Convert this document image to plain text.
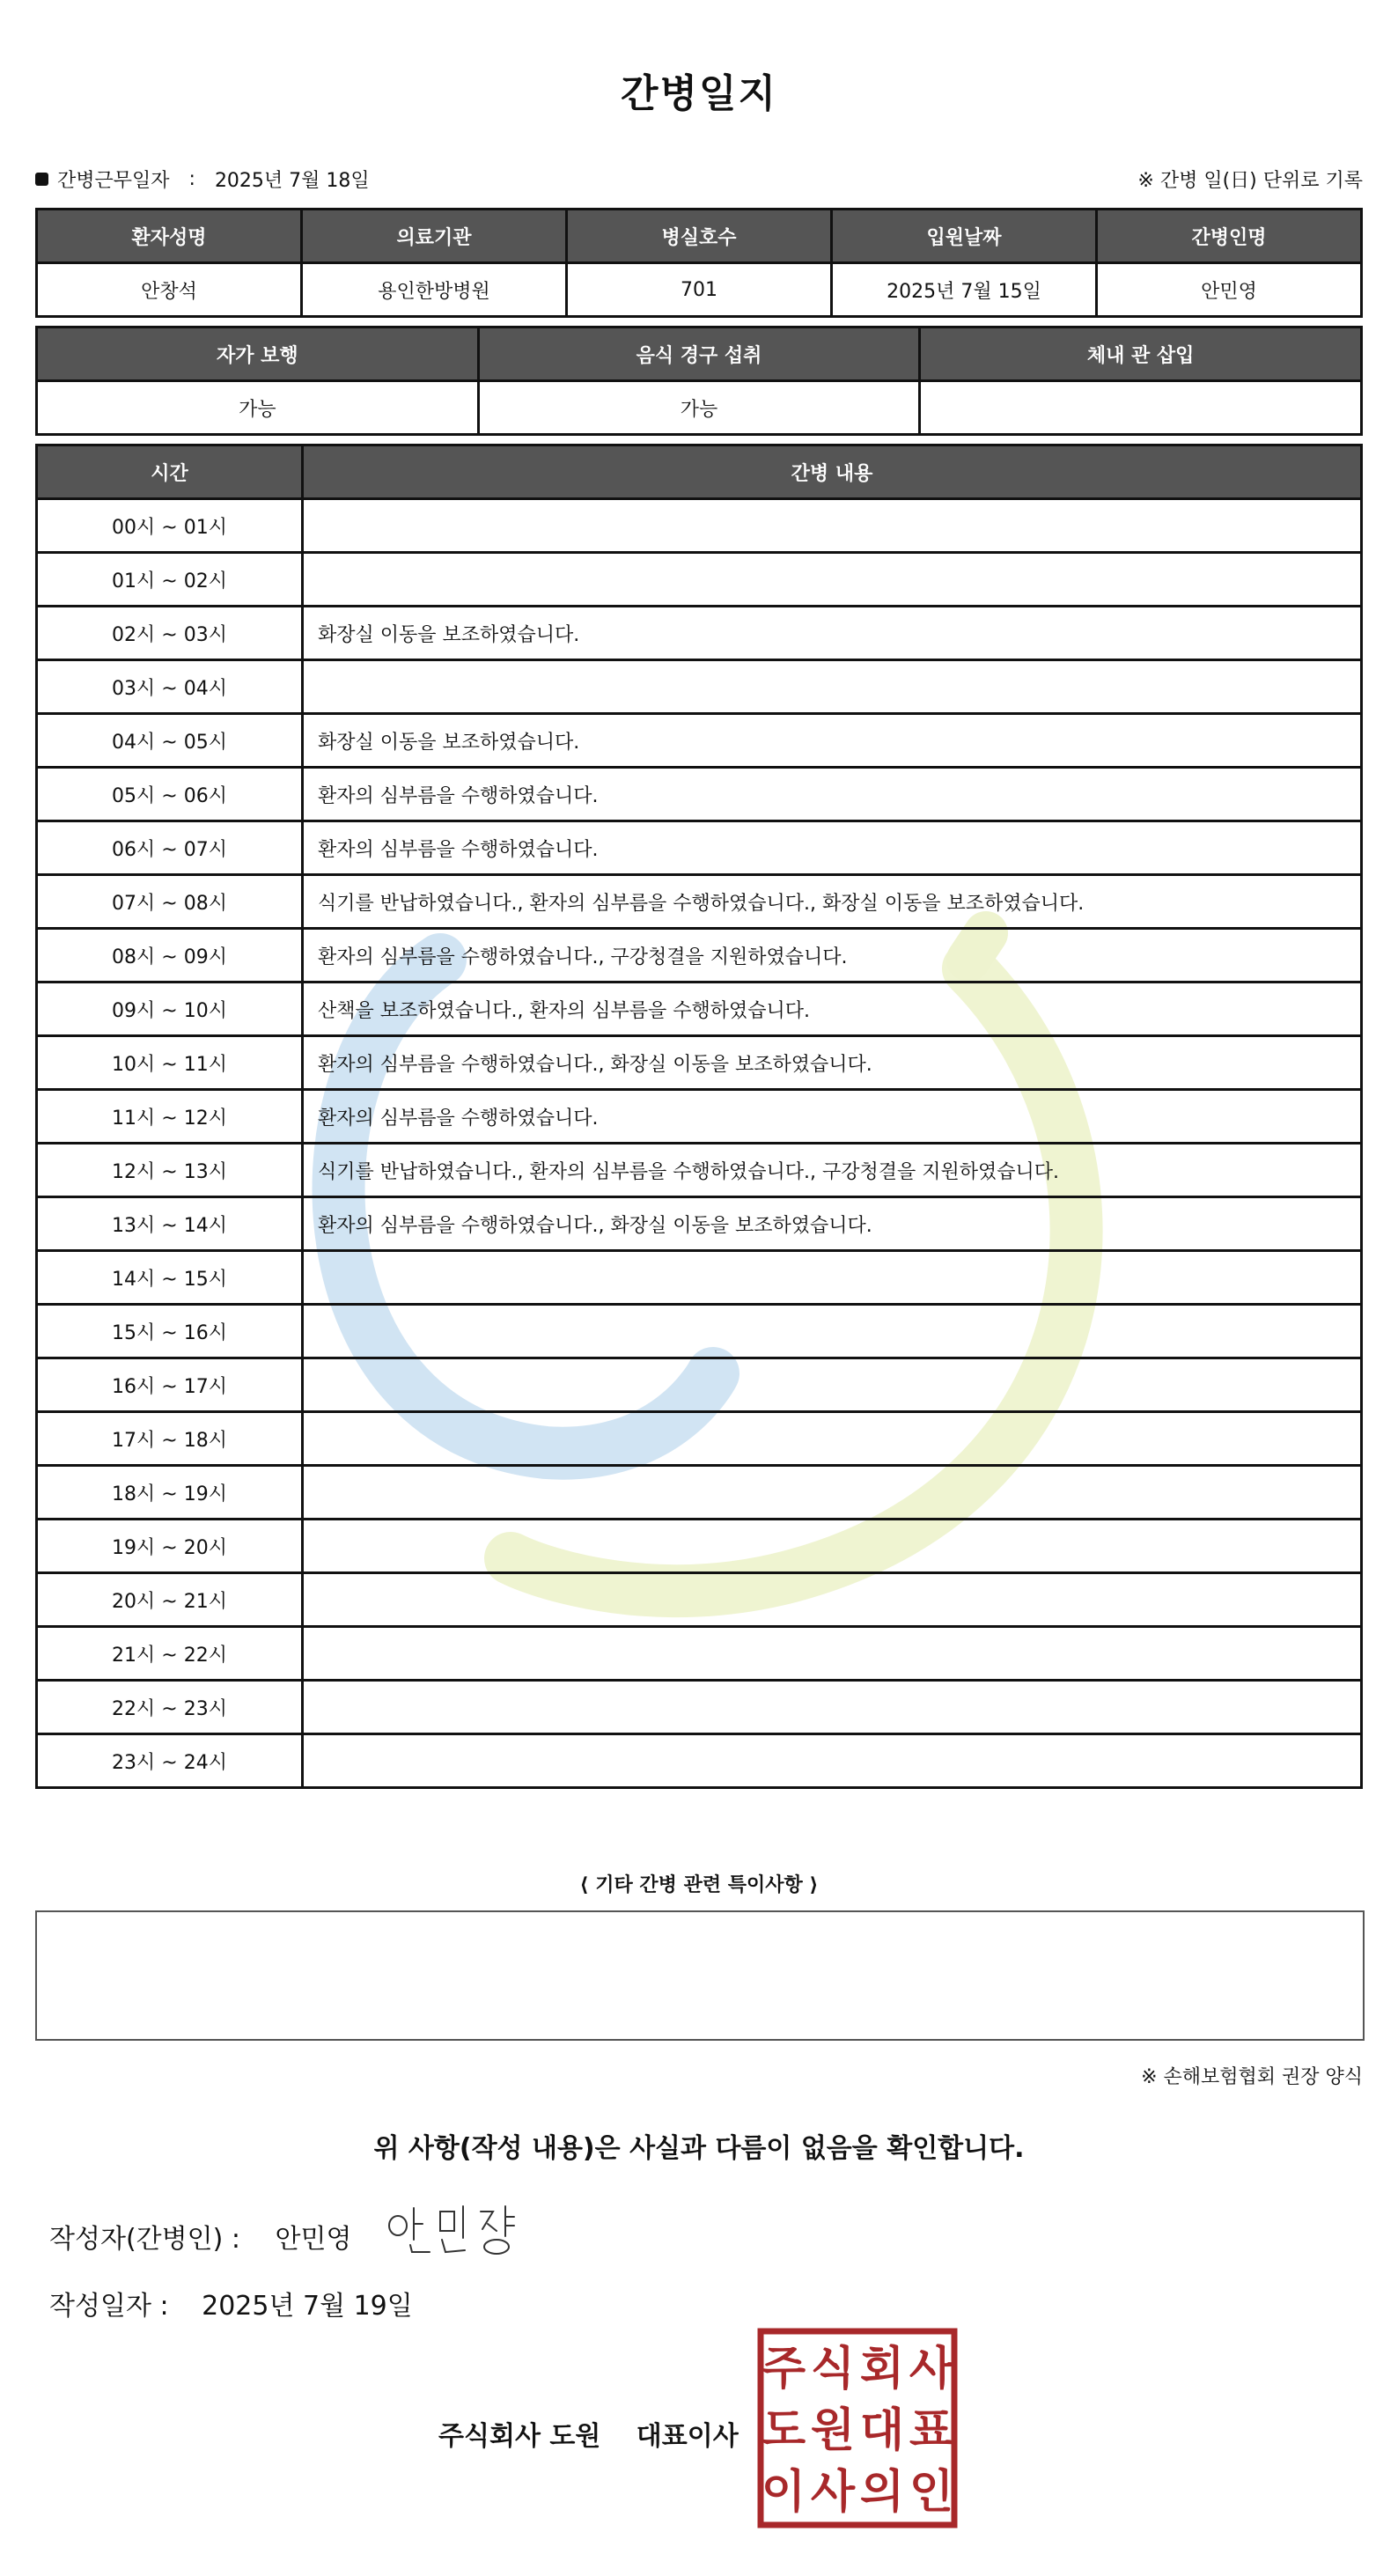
간병일지
간병근무일자 : 2025년 7월 18일	※ 간병 일(日) 단위로 기록
환자성명	의료기관	병실호수	입원날짜	간병인명
안창석	용인한방병원	701	2025년 7월 15일	안민영
자가 보행	음식 경구 섭취	체내 관 삽입
가능	가능	
시간	간병 내용
00시 ~ 01시	
01시 ~ 02시	
02시 ~ 03시	화장실 이동을 보조하였습니다.
03시 ~ 04시	
04시 ~ 05시	화장실 이동을 보조하였습니다.
05시 ~ 06시	환자의 심부름을 수행하였습니다.
06시 ~ 07시	환자의 심부름을 수행하였습니다.
07시 ~ 08시	식기를 반납하였습니다., 환자의 심부름을 수행하였습니다., 화장실 이동을 보조하였습니다.
08시 ~ 09시	환자의 심부름을 수행하였습니다., 구강청결을 지원하였습니다.
09시 ~ 10시	산책을 보조하였습니다., 환자의 심부름을 수행하였습니다.
10시 ~ 11시	환자의 심부름을 수행하였습니다., 화장실 이동을 보조하였습니다.
11시 ~ 12시	환자의 심부름을 수행하였습니다.
12시 ~ 13시	식기를 반납하였습니다., 환자의 심부름을 수행하였습니다., 구강청결을 지원하였습니다.
13시 ~ 14시	환자의 심부름을 수행하였습니다., 화장실 이동을 보조하였습니다.
14시 ~ 15시	
15시 ~ 16시	
16시 ~ 17시	
17시 ~ 18시	
18시 ~ 19시	
19시 ~ 20시	
20시 ~ 21시	
21시 ~ 22시	
22시 ~ 23시	
23시 ~ 24시	
⟨ 기타 간병 관련 특이사항 ⟩
※ 손해보험협회 권장 양식
위 사항(작성 내용)은 사실과 다름이 없음을 확인합니다.
작성자(간병인) : 안민영
작성일자 : 2025년 7월 19일
주식회사 도원 대표이사
주 식 회 사
도 원 대 표
이 사 의 인
